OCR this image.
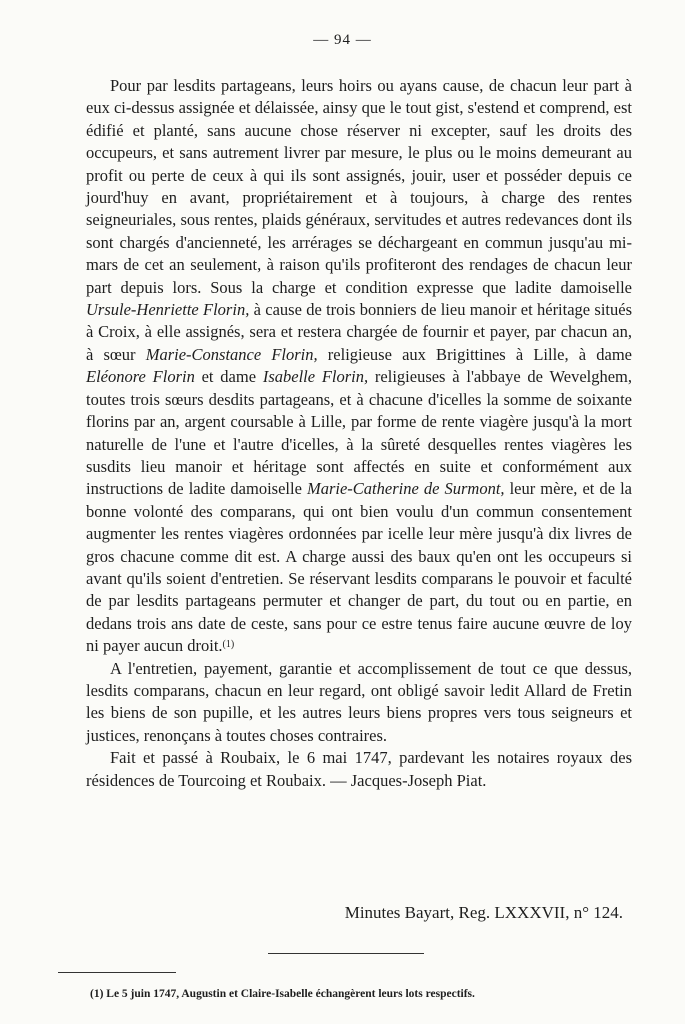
— 94 —

Pour par lesdits partageans, leurs hoirs ou ayans cause, de chacun leur part à eux ci-dessus assignée et délaissée, ainsy que le tout gist, s'estend et comprend, est édifié et planté, sans aucune chose réserver ni excepter, sauf les droits des occupeurs, et sans autrement livrer par mesure, le plus ou le moins demeurant au profit ou perte de ceux à qui ils sont assignés, jouir, user et posséder depuis ce jourd'huy en avant, propriétairement et à toujours, à charge des rentes seigneuriales, sous rentes, plaids généraux, servitudes et autres redevances dont ils sont chargés d'ancienneté, les arrérages se déchargeant en commun jusqu'au mi-mars de cet an seulement, à raison qu'ils profiteront des rendages de chacun leur part depuis lors. Sous la charge et condition expresse que ladite damoiselle Ursule-Henriette Florin, à cause de trois bonniers de lieu manoir et héritage situés à Croix, à elle assignés, sera et restera chargée de fournir et payer, par chacun an, à sœur Marie-Constance Florin, religieuse aux Brigittines à Lille, à dame Eléonore Florin et dame Isabelle Florin, religieuses à l'abbaye de Wevelghem, toutes trois sœurs desdits partageans, et à chacune d'icelles la somme de soixante florins par an, argent coursable à Lille, par forme de rente viagère jusqu'à la mort naturelle de l'une et l'autre d'icelles, à la sûreté desquelles rentes viagères les susdits lieu manoir et héritage sont affectés en suite et conformément aux instructions de ladite damoiselle Marie-Catherine de Surmont, leur mère, et de la bonne volonté des comparans, qui ont bien voulu d'un commun consentement augmenter les rentes viagères ordonnées par icelle leur mère jusqu'à dix livres de gros chacune comme dit est. A charge aussi des baux qu'en ont les occupeurs si avant qu'ils soient d'entretien. Se réservant lesdits comparans le pouvoir et faculté de par lesdits partageans permuter et changer de part, du tout ou en partie, en dedans trois ans date de ceste, sans pour ce estre tenus faire aucune œuvre de loy ni payer aucun droit.$^{(1)}$

A l'entretien, payement, garantie et accomplissement de tout ce que dessus, lesdits comparans, chacun en leur regard, ont obligé savoir ledit Allard de Fretin les biens de son pupille, et les autres leurs biens propres vers tous seigneurs et justices, renonçans à toutes choses contraires.

Fait et passé à Roubaix, le 6 mai 1747, pardevant les notaires royaux des résidences de Tourcoing et Roubaix. — Jacques-Joseph Piat.

Minutes Bayart, Reg. LXXXVII, n° 124.
(1) Le 5 juin 1747, Augustin et Claire-Isabelle échangèrent leurs lots respectifs.
